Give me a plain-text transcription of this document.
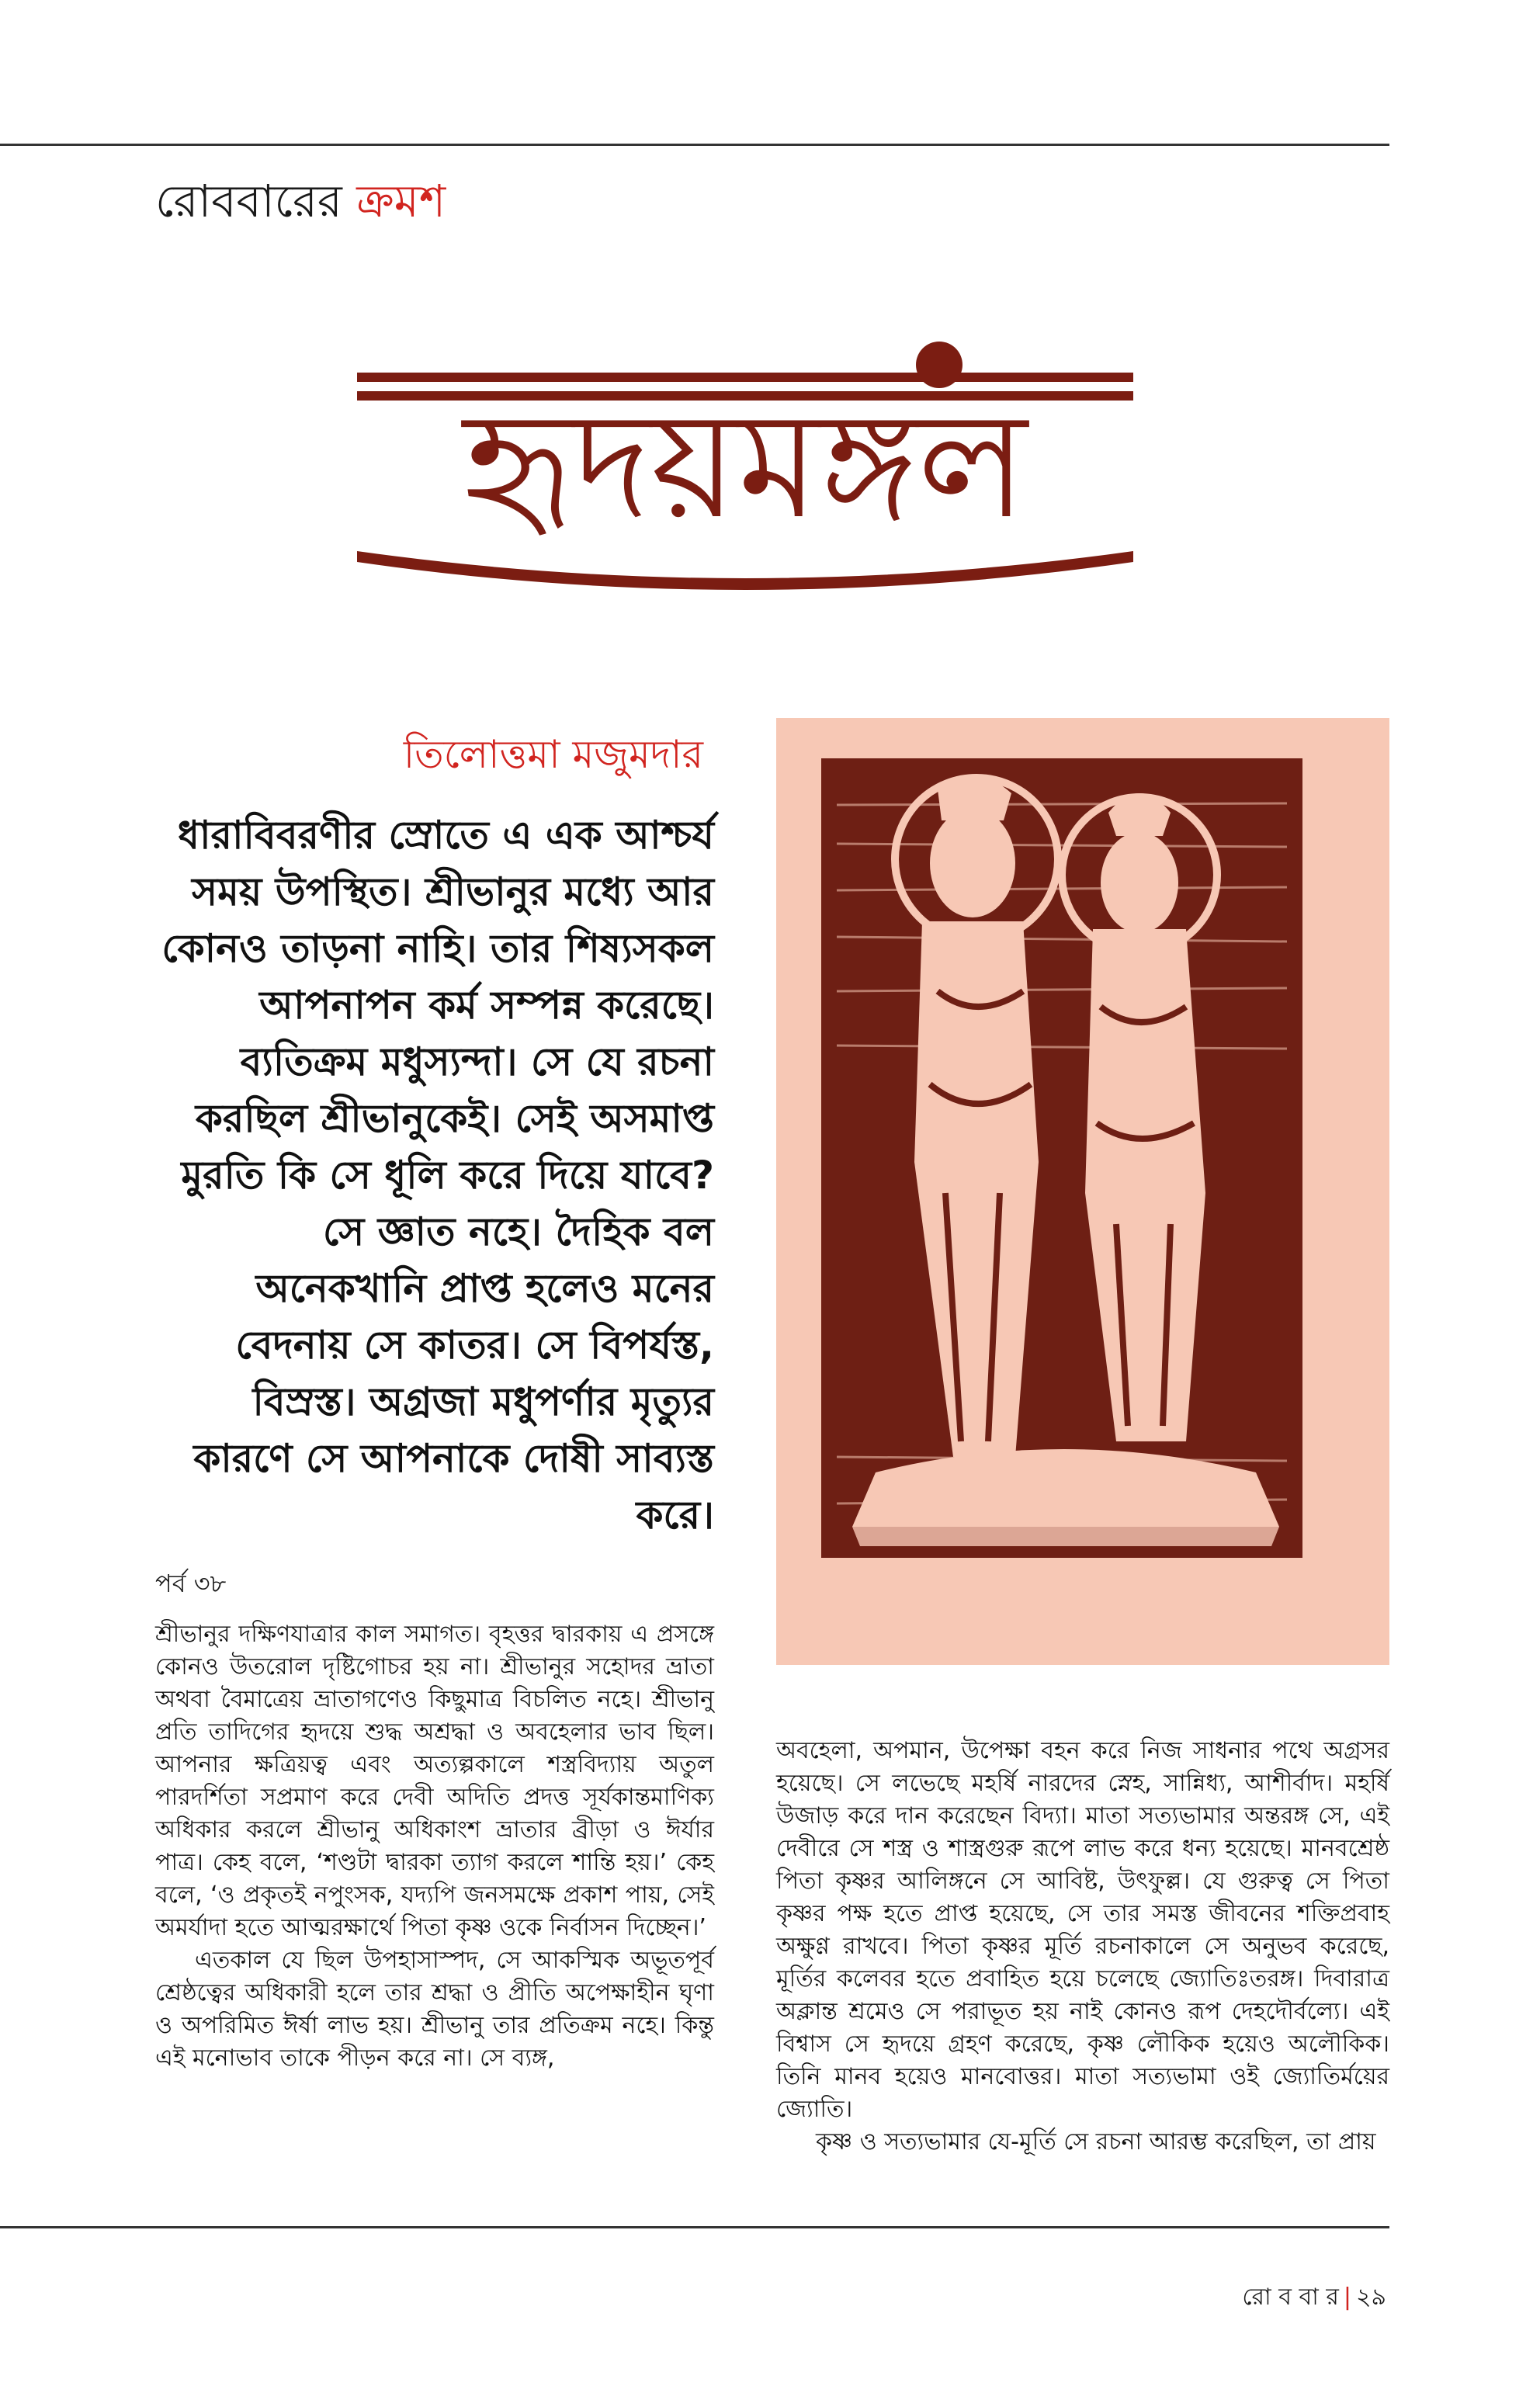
রোববারের ক্রমশ
হৃদয়মঙ্গল
তিলোত্তমা মজুমদার
ধারাবিবরণীর স্রোতে এ এক আশ্চর্য সময় উপস্থিত। শ্রীভানুর মধ্যে আর কোনও তাড়না নাহি। তার শিষ্যসকল আপনাপন কর্ম সম্পন্ন করেছে। ব্যতিক্রম মধুস্যন্দা। সে যে রচনা করছিল শ্রীভানুকেই। সেই অসমাপ্ত মুরতি কি সে ধূলি করে দিয়ে যাবে? সে জ্ঞাত নহে। দৈহিক বল অনেকখানি প্রাপ্ত হলেও মনের বেদনায় সে কাতর। সে বিপর্যস্ত, বিস্রস্ত। অগ্রজা মধুপর্ণার মৃত্যুর কারণে সে আপনাকে দোষী সাব্যস্ত করে।
পর্ব ৩৮

শ্রীভানুর দক্ষিণযাত্রার কাল সমাগত। বৃহত্তর দ্বারকায় এ প্রসঙ্গে কোনও উতরোল দৃষ্টিগোচর হয় না। শ্রীভানুর সহোদর ভ্রাতা অথবা বৈমাত্রেয় ভ্রাতাগণেও কিছুমাত্র বিচলিত নহে। শ্রীভানু প্রতি তাদিগের হৃদয়ে শুদ্ধ অশ্রদ্ধা ও অবহেলার ভাব ছিল। আপনার ক্ষত্রিয়ত্ব এবং অত্যল্পকালে শস্ত্রবিদ্যায় অতুল পারদর্শিতা সপ্রমাণ করে দেবী অদিতি প্রদত্ত সূর্যকান্তমাণিক্য অধিকার করলে শ্রীভানু অধিকাংশ ভ্রাতার ব্রীড়া ও ঈর্যার পাত্র। কেহ বলে, ‘শণ্ডটা দ্বারকা ত্যাগ করলে শান্তি হয়।’ কেহ বলে, ‘ও প্রকৃতই নপুংসক, যদ্যপি জনসমক্ষে প্রকাশ পায়, সেই অমর্যাদা হতে আত্মরক্ষার্থে পিতা কৃষ্ণ ওকে নির্বাসন দিচ্ছেন।’

এতকাল যে ছিল উপহাসাস্পদ, সে আকস্মিক অভূতপূর্ব শ্রেষ্ঠত্বের অধিকারী হলে তার শ্রদ্ধা ও প্রীতি অপেক্ষাহীন ঘৃণা ও অপরিমিত ঈর্ষা লাভ হয়। শ্রীভানু তার প্রতিক্রম নহে। কিন্তু এই মনোভাব তাকে পীড়ন করে না। সে ব্যঙ্গ,

অবহেলা, অপমান, উপেক্ষা বহন করে নিজ সাধনার পথে অগ্রসর হয়েছে। সে লভেছে মহর্ষি নারদের স্নেহ, সান্নিধ্য, আশীর্বাদ। মহর্ষি উজাড় করে দান করেছেন বিদ্যা। মাতা সত্যভামার অন্তরঙ্গ সে, এই দেবীরে সে শস্ত্র ও শাস্ত্রগুরু রূপে লাভ করে ধন্য হয়েছে। মানবশ্রেষ্ঠ পিতা কৃষ্ণর আলিঙ্গনে সে আবিষ্ট, উৎফুল্ল। যে গুরুত্ব সে পিতা কৃষ্ণর পক্ষ হতে প্রাপ্ত হয়েছে, সে তার সমস্ত জীবনের শক্তিপ্রবাহ অক্ষুণ্ণ রাখবে। পিতা কৃষ্ণর মূর্তি রচনাকালে সে অনুভব করেছে, মূর্তির কলেবর হতে প্রবাহিত হয়ে চলেছে জ্যোতিঃতরঙ্গ। দিবারাত্র অক্লান্ত শ্রমেও সে পরাভূত হয় নাই কোনও রূপ দেহদৌর্বল্যে। এই বিশ্বাস সে হৃদয়ে গ্রহণ করেছে, কৃষ্ণ লৌকিক হয়েও অলৌকিক। তিনি মানব হয়েও মানবোত্তর। মাতা সত্যভামা ওই জ্যোতির্ময়ের জ্যোতি।

কৃষ্ণ ও সত্যভামার যে-মূর্তি সে রচনা আরম্ভ করেছিল, তা প্রায়

রো ব বা র | ২৯
